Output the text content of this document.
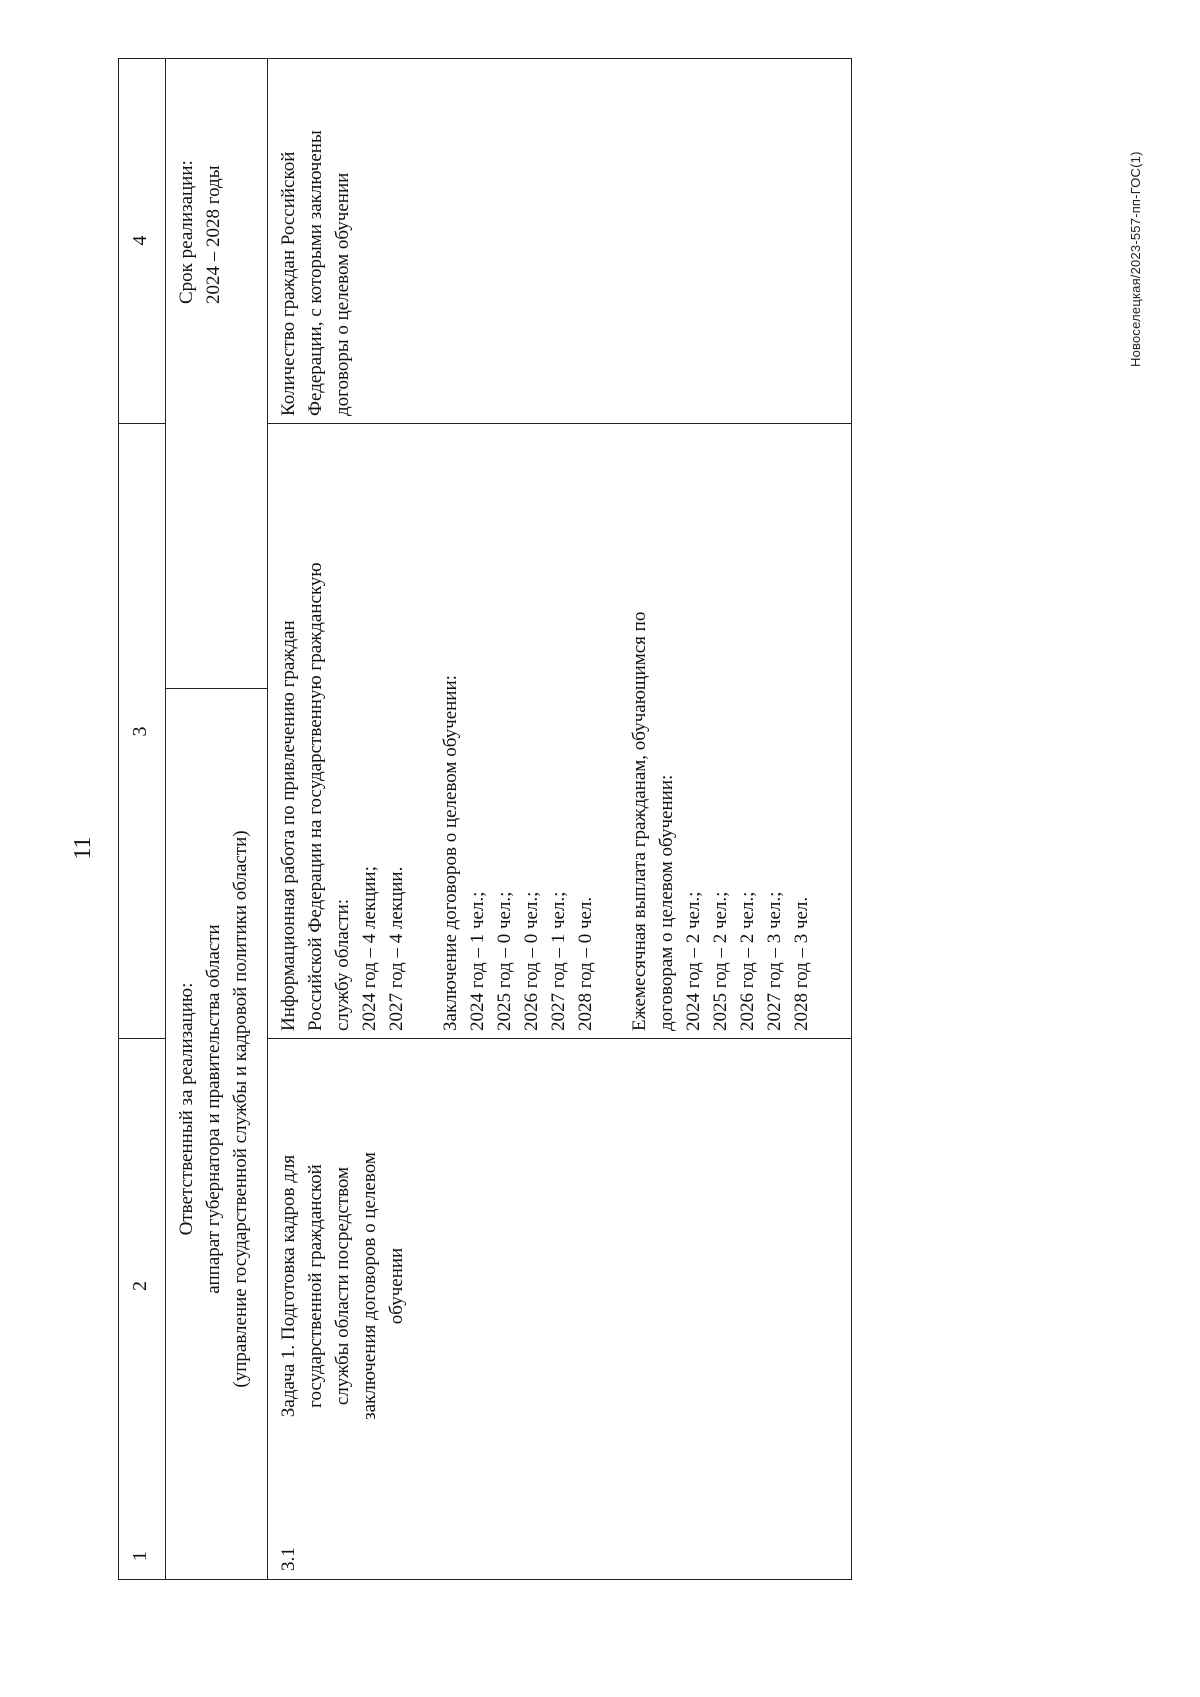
11
1
2
3
4
Ответственный за реализацию: аппарат губернатора и правительства области (управление государственной службы и кадровой политики области)
Срок реализации: 2024 – 2028 годы
3.1
Задача 1. Подготовка кадров для государственной гражданской службы области посредством заключения договоров о целевом обучении
Информационная работа по привлечению граждан Российской Федерации на государственную гражданскую службу области: 2024 год – 4 лекции; 2027 год – 4 лекции. Заключение договоров о целевом обучении: 2024 год – 1 чел.; 2025 год – 0 чел.; 2026 год – 0 чел.; 2027 год – 1 чел.; 2028 год – 0 чел. Ежемесячная выплата гражданам, обучающимся по договорам о целевом обучении: 2024 год – 2 чел.; 2025 год – 2 чел.; 2026 год – 2 чел.; 2027 год – 3 чел.; 2028 год – 3 чел.
Количество граждан Российской Федерации, с которыми заключены договоры о целевом обучении	Новоселецкая/2023-557-пп-ГОС(1)
